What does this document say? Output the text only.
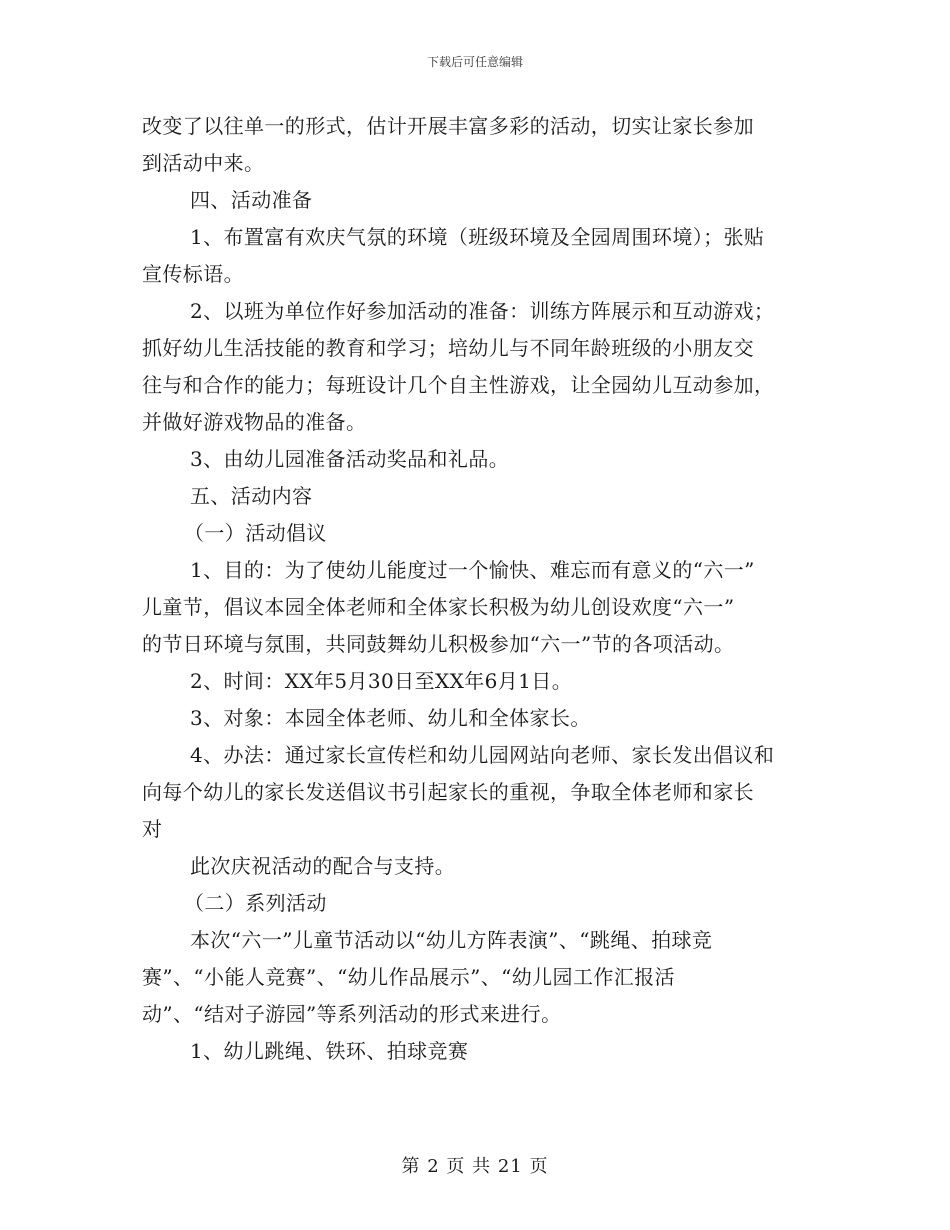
下载后可任意编辑
改变了以往单一的形式，估计开展丰富多彩的活动，切实让家长参加
到活动中来。
四、活动准备
1、布置富有欢庆气氛的环境（班级环境及全园周围环境）；张贴
宣传标语。
2、以班为单位作好参加活动的准备：训练方阵展示和互动游戏；
抓好幼儿生活技能的教育和学习；培幼儿与不同年龄班级的小朋友交
往与和合作的能力；每班设计几个自主性游戏，让全园幼儿互动参加，
并做好游戏物品的准备。
3、由幼儿园准备活动奖品和礼品。
五、活动内容
（一）活动倡议
1、目的：为了使幼儿能度过一个愉快、难忘而有意义的“六一”
儿童节，倡议本园全体老师和全体家长积极为幼儿创设欢度“六一”
的节日环境与氛围，共同鼓舞幼儿积极参加“六一”节的各项活动。
2、时间：XX年5月30日至XX年6月1日。
3、对象：本园全体老师、幼儿和全体家长。
4、办法：通过家长宣传栏和幼儿园网站向老师、家长发出倡议和
向每个幼儿的家长发送倡议书引起家长的重视，争取全体老师和家长
对
此次庆祝活动的配合与支持。
（二）系列活动
本次“六一”儿童节活动以“幼儿方阵表演”、“跳绳、拍球竞
赛”、“小能人竞赛”、“幼儿作品展示”、“幼儿园工作汇报活
动”、“结对子游园”等系列活动的形式来进行。
1、幼儿跳绳、铁环、拍球竞赛
第 2 页 共 21 页
